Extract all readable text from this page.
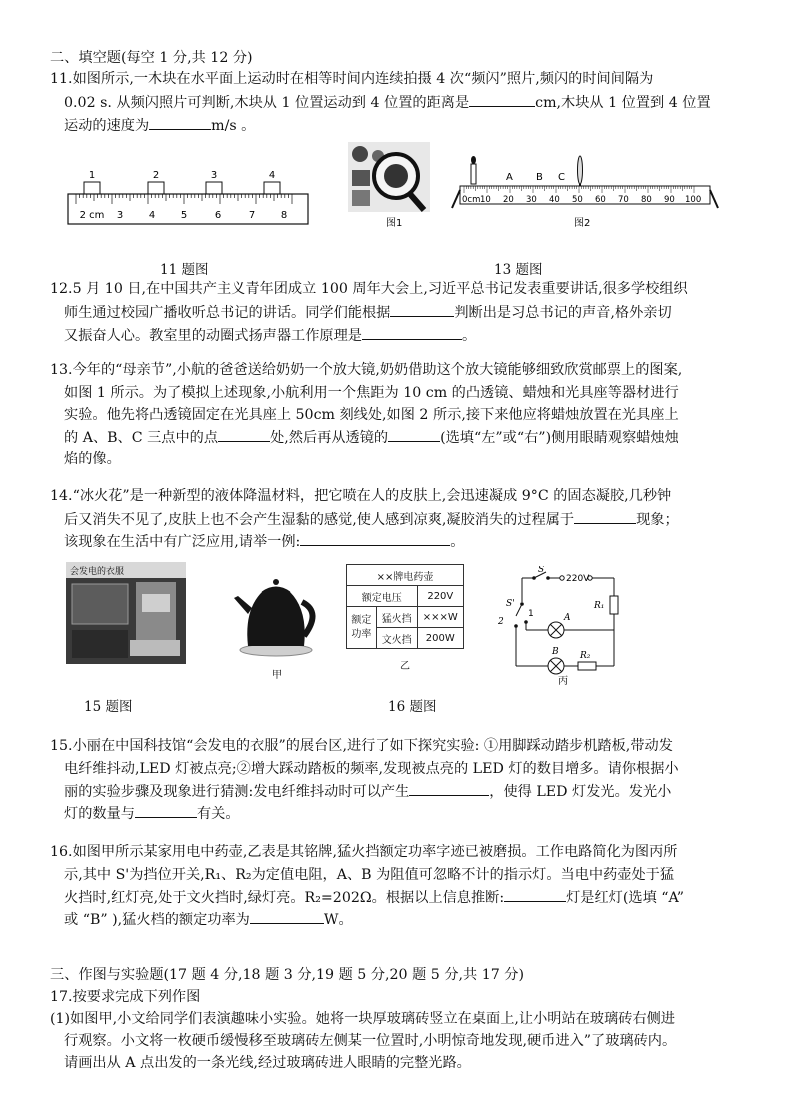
二、填空题(每空 1 分,共 12 分)
11.如图所示,一木块在水平面上运动时在相等时间内连续拍摄 4 次“频闪”照片,频闪的时间间隔为
0.02 s. 从频闪照片可判断,木块从 1 位置运动到 4 位置的距离是	cm,木块从 1 位置到 4 位置
运动的速度为	m/s 。
1	2	3	4
2 cm 3	4	5	6	7	8
图1
A B C
0cm 10 20 30 40 50 60 70 80 90 100
图2
11 题图	13 题图
12.5 月 10 日,在中国共产主义青年团成立 100 周年大会上,习近平总书记发表重要讲话,很多学校组织
师生通过校园广播收听总书记的讲话。同学们能根据	判断出是习总书记的声音,格外亲切
又振奋人心。教室里的动圈式扬声器工作原理是	。
13.今年的“母亲节”,小航的爸爸送给奶奶一个放大镜,奶奶借助这个放大镜能够细致欣赏邮票上的图案,
如图 1 所示。为了模拟上述现象,小航利用一个焦距为 10 cm 的凸透镜、蜡烛和光具座等器材进行
实验。他先将凸透镜固定在光具座上 50cm 刻线处,如图 2 所示,接下来他应将蜡烛放置在光具座上
的 A、B、C 三点中的点	处,然后再从透镜的	(选填“左”或“右”)侧用眼睛观察蜡烛烛
焰的像。
14.“冰火花”是一种新型的液体降温材料，把它喷在人的皮肤上,会迅速凝成 9°C 的固态凝胶,几秒钟
后又消失不见了,皮肤上也不会产生湿黏的感觉,使人感到凉爽,凝胶消失的过程属于	现象；
该现象在生活中有广泛应用,请举一例:	。
会发电的衣服
甲
××牌电药壶		
额定电压		220V
额定
功率	猛火挡	×××W
	文火挡	200W
乙
S
220V
R₁
S'
1
2	A
B R₂
丙
15 题图	16 题图
15.小丽在中国科技馆“会发电的衣服”的展台区,进行了如下探究实验: ①用脚踩动踏步机踏板,带动发
电纤维抖动,LED 灯被点亮;②增大踩动踏板的频率,发现被点亮的 LED 灯的数目增多。请你根据小
丽的实验步骤及现象进行猜测:发电纤维抖动时可以产生	，使得 LED 灯发光。发光小
灯的数量与	有关。
16.如图甲所示某家用电中药壶,乙表是其铭牌,猛火挡额定功率字迹已被磨损。工作电路简化为图丙所
示,其中 S'为挡位开关,R₁、R₂为定值电阻，A、B 为阻值可忽略不计的指示灯。当电中药壶处于猛
火挡时,红灯亮,处于文火挡时,绿灯亮。R₂=202Ω。根据以上信息推断:	灯是红灯(选填 “A”
或 “B” ),猛火档的额定功率为	W。
三、作图与实验题(17 题 4 分,18 题 3 分,19 题 5 分,20 题 5 分,共 17 分)
17.按要求完成下列作图
(1)如图甲,小文给同学们表演趣味小实验。她将一块厚玻璃砖竖立在桌面上,让小明站在玻璃砖右侧进
行观察。小文将一枚硬币缓慢移至玻璃砖左侧某一位置时,小明惊奇地发现,硬币进入”了玻璃砖内。
请画出从 A 点出发的一条光线,经过玻璃砖进人眼睛的完整光路。
